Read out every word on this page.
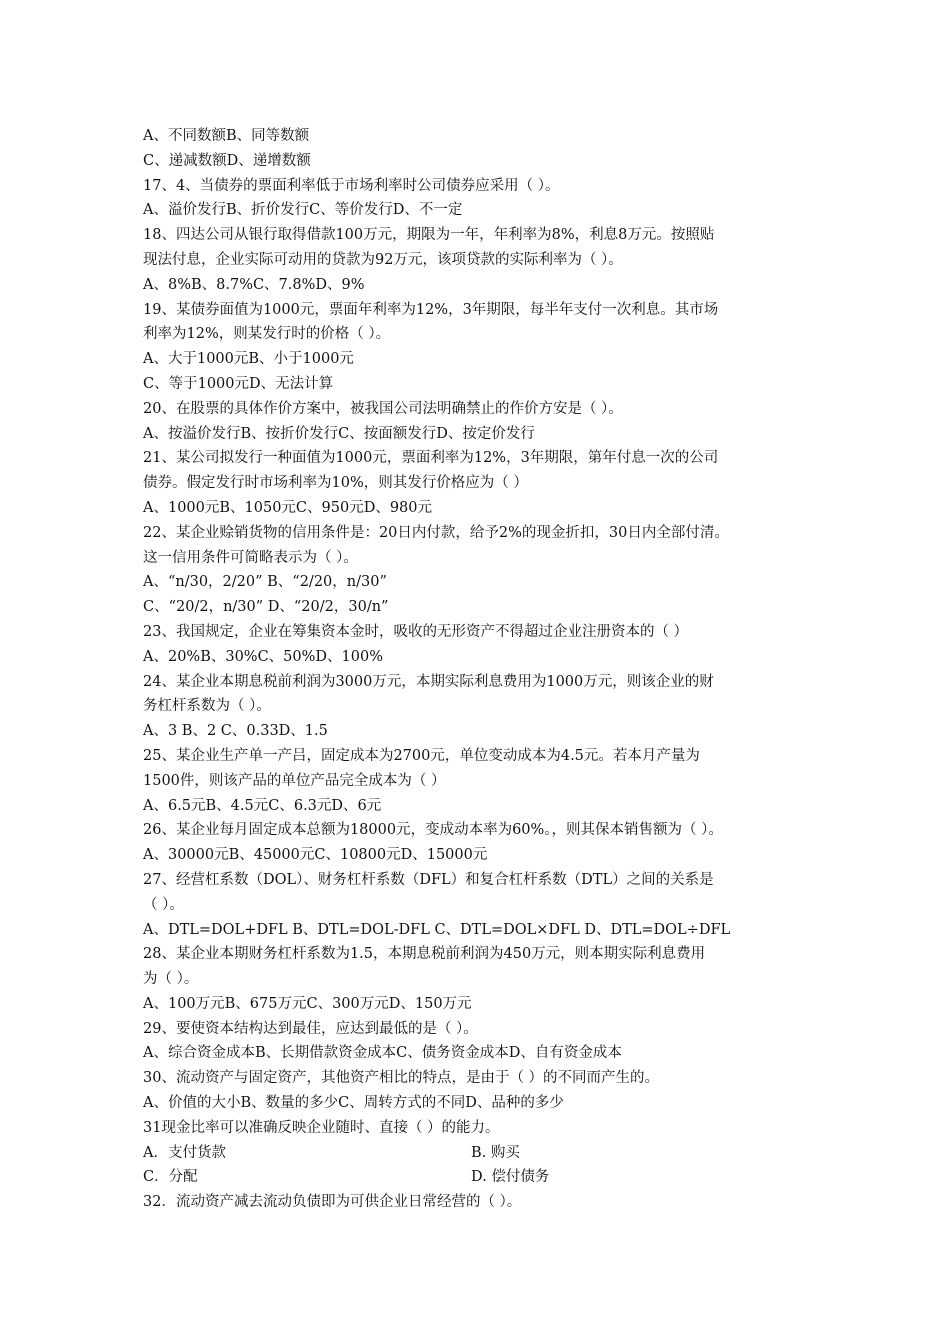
A、不同数额B、同等数额
C、递减数额D、递增数额
17、4、当债券的票面利率低于市场利率时公司债券应采用（ ）。
A、溢价发行B、折价发行C、等价发行D、不一定
18、四达公司从银行取得借款100万元，期限为一年，年利率为8%，利息8万元。按照贴
现法付息，企业实际可动用的贷款为92万元，该项贷款的实际利率为（ ）。
A、8%B、8.7%C、7.8%D、9%
19、某债券面值为1000元，票面年利率为12%，3年期限，每半年支付一次利息。其市场
利率为12%，则某发行时的价格（ ）。
A、大于1000元B、小于1000元
C、等于1000元D、无法计算
20、在股票的具体作价方案中，被我国公司法明确禁止的作价方安是（ ）。
A、按溢价发行B、按折价发行C、按面额发行D、按定价发行
21、某公司拟发行一种面值为1000元，票面利率为12%，3年期限，第年付息一次的公司
债券。假定发行时市场利率为10%，则其发行价格应为（ ）
A、1000元B、1050元C、950元D、980元
22、某企业赊销货物的信用条件是：20日内付款，给予2%的现金折扣，30日内全部付清。
这一信用条件可简略表示为（ ）。
A、“n/30，2/20” B、“2/20，n/30”
C、“20/2，n/30” D、“20/2，30/n”
23、我国规定，企业在筹集资本金时，吸收的无形资产不得超过企业注册资本的（ ）
A、20%B、30%C、50%D、100%
24、某企业本期息税前利润为3000万元，本期实际利息费用为1000万元，则该企业的财
务杠杆系数为（ ）。
A、3 B、2 C、0.33D、1.5
25、某企业生产单一产吕，固定成本为2700元，单位变动成本为4.5元。若本月产量为
1500件，则该产品的单位产品完全成本为（ ）
A、6.5元B、4.5元C、6.3元D、6元
26、某企业每月固定成本总额为18000元，变成动本率为60%。，则其保本销售额为（ ）。
A、30000元B、45000元C、10800元D、15000元
27、经营杠系数（DOL）、财务杠杆系数（DFL）和复合杠杆系数（DTL）之间的关系是
（ ）。
A、DTL=DOL+DFL B、DTL=DOL-DFL C、DTL=DOL×DFL D、DTL=DOL÷DFL
28、某企业本期财务杠杆系数为1.5，本期息税前利润为450万元，则本期实际利息费用
为（ ）。
A、100万元B、675万元C、300万元D、150万元
29、要使资本结构达到最佳，应达到最低的是（ ）。
A、综合资金成本B、长期借款资金成本C、债务资金成本D、自有资金成本
30、流动资产与固定资产，其他资产相比的特点，是由于（ ）的不同而产生的。
A、价值的大小B、数量的多少C、周转方式的不同D、品种的多少
31现金比率可以准确反映企业随时、直接（ ）的能力。
A．支付货款	B. 购买
C．分配	D. 偿付债务
32．流动资产减去流动负债即为可供企业日常经营的（ ）。
